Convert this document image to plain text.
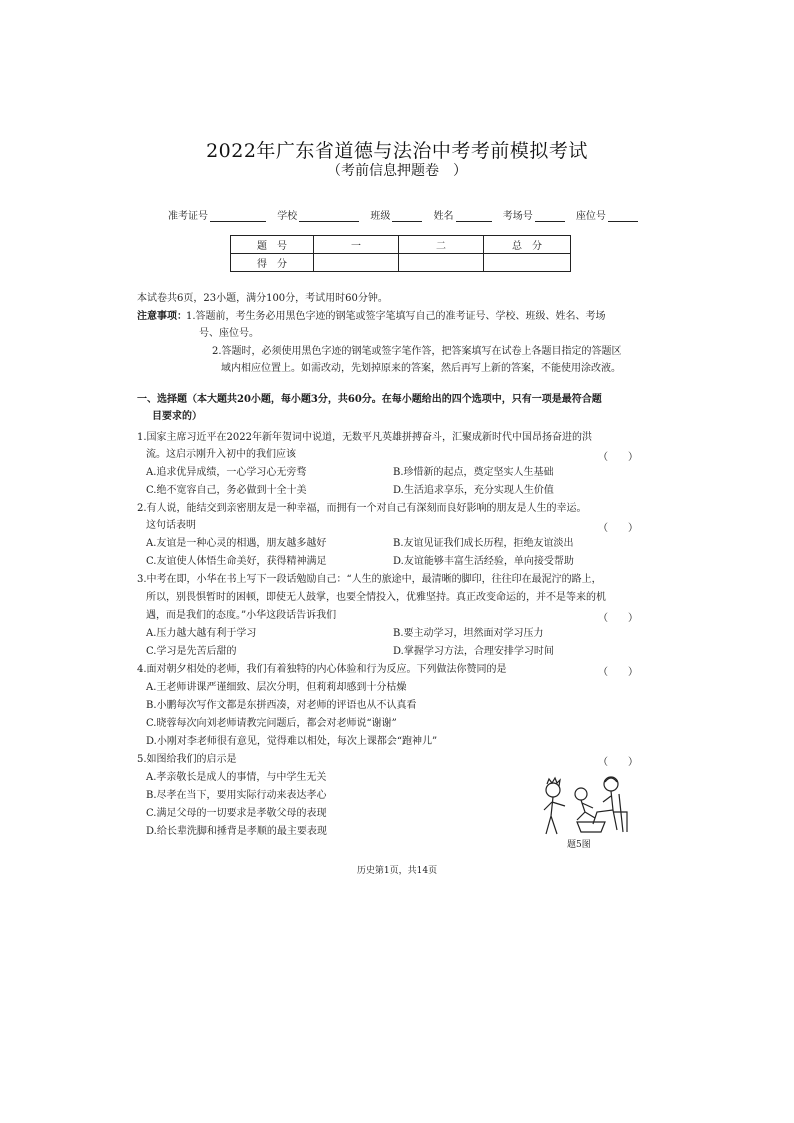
2022年广东省道德与法治中考考前模拟考试
（考前信息押题卷　）
准考证号	学校	班级	姓名	考场号	座位号
题　号	一	二	总　分
得　分			
本试卷共6页，23小题，满分100分，考试用时60分钟。
注意事项： 1.答题前，考生务必用黑色字迹的钢笔或签字笔填写自己的准考证号、学校、班级、姓名、考场
号、座位号。
2.答题时，必须使用黑色字迹的钢笔或签字笔作答，把答案填写在试卷上各题目指定的答题区
域内相应位置上。如需改动，先划掉原来的答案，然后再写上新的答案，不能使用涂改液。
一、选择题（本大题共20小题，每小题3分，共60分。在每小题给出的四个选项中，只有一项是最符合题
目要求的）
1.国家主席习近平在2022年新年贺词中说道，无数平凡英雄拼搏奋斗，汇聚成新时代中国昂扬奋进的洪
流。这启示刚升入初中的我们应该	（　　）
A.追求优异成绩，一心学习心无旁骛	B.珍惜新的起点，奠定坚实人生基础
C.绝不宽容自己，务必做到十全十美	D.生活追求享乐，充分实现人生价值
2.有人说，能结交到亲密朋友是一种幸福，而拥有一个对自己有深刻而良好影响的朋友是人生的幸运。
这句话表明	（　　）
A.友谊是一种心灵的相遇，朋友越多越好	B.友谊见证我们成长历程，拒绝友谊淡出
C.友谊使人体悟生命美好，获得精神满足	D.友谊能够丰富生活经验，单向接受帮助
3.中考在即，小华在书上写下一段话勉励自己：“人生的旅途中，最清晰的脚印，往往印在最泥泞的路上，
所以，别畏惧暂时的困顿，即使无人鼓掌，也要全情投入，优雅坚持。真正改变命运的，并不是等来的机
遇，而是我们的态度。”小华这段话告诉我们	（　　）
A.压力越大越有利于学习	B.要主动学习，坦然面对学习压力
C.学习是先苦后甜的	D.掌握学习方法，合理安排学习时间
4.面对朝夕相处的老师，我们有着独特的内心体验和行为反应。下列做法你赞同的是	（　　）
A.王老师讲课严谨细致、层次分明，但莉莉却感到十分枯燥
B.小鹏每次写作文都是东拼西凑，对老师的评语也从不认真看
C.晓蓉每次向刘老师请教完问题后，都会对老师说“谢谢”
D.小刚对李老师很有意见，觉得难以相处，每次上课都会“跑神儿”
5.如图给我们的启示是	（　　）
A.孝亲敬长是成人的事情，与中学生无关
B.尽孝在当下，要用实际行动来表达孝心
C.满足父母的一切要求是孝敬父母的表现
D.给长辈洗脚和捶背是孝顺的最主要表现
题5图
历史第1页，共14页
